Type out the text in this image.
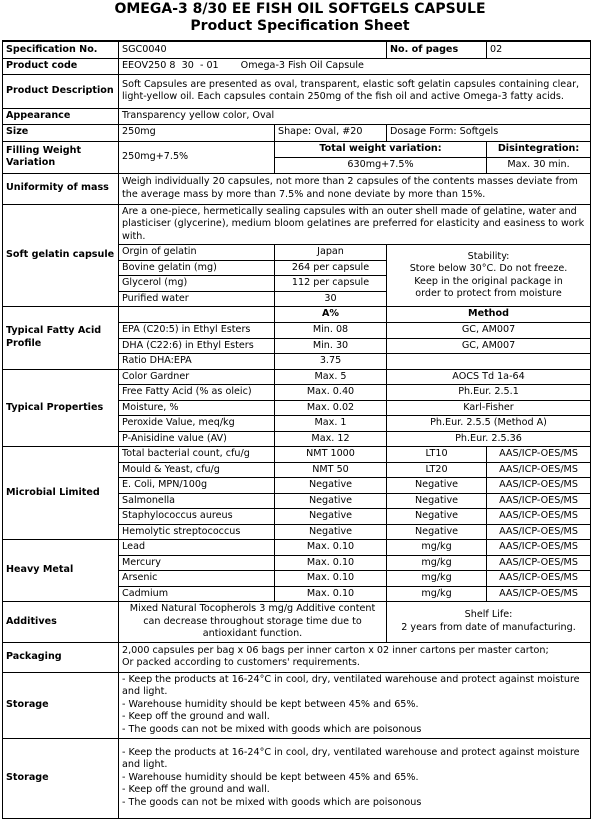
OMEGA-3 8/30 EE FISH OIL SOFTGELS CAPSULE
Product Specification Sheet
Specification No.	SGC0040		No. of pages	02
Product code	EEOV250 8  30  - 01 Omega-3 Fish Oil Capsule			
Product Description	Soft Capsules are presented as oval, transparent, elastic soft gelatin capsules containing clear, light-yellow oil. Each capsules contain 250mg of the fish oil and active Omega-3 fatty acids.			
Appearance	Transparency yellow color, Oval			
Size	250mg	Shape: Oval, #20	Dosage Form: Softgels	
Filling Weight Variation	250mg+7.5%	Total weight variation:		Disintegration:
		630mg+7.5%		Max. 30 min.
Uniformity of mass	Weigh individually 20 capsules, not more than 2 capsules of the contents masses deviate from the average mass by more than 7.5% and none deviate by more than 15%.			
Soft gelatin capsule	Are a one-piece, hermetically sealing capsules with an outer shell made of gelatine, water and plasticiser (glycerine), medium bloom gelatines are preferred for elasticity and easiness to work with.			
	Orgin of gelatin	Japan	Stability:
Store below 30°C. Do not freeze. Keep in the original package in order to protect from moisture	

	Bovine gelatin (mg)	264 per capsule		
	Glycerol (mg)	112 per capsule		
	Purified water	30		
Typical Fatty Acid Profile		A%	Method	
	EPA (C20:5) in Ethyl Esters	Min. 08	GC, AM007	
	DHA (C22:6) in Ethyl Esters	Min. 30	GC, AM007	
	Ratio DHA:EPA	3.75		
Typical Properties	Color Gardner	Max. 5	AOCS Td 1a-64	
	Free Fatty Acid (% as oleic)	Max. 0.40	Ph.Eur. 2.5.1	
	Moisture, %	Max. 0.02	Karl-Fisher	
	Peroxide Value, meq/kg	Max. 1	Ph.Eur. 2.5.5 (Method A)	
	P-Anisidine value (AV)	Max. 12	Ph.Eur. 2.5.36	
Microbial Limited	Total bacterial count, cfu/g	NMT 1000	LT10	AAS/ICP-OES/MS
	Mould & Yeast, cfu/g	NMT 50	LT20	AAS/ICP-OES/MS
	E. Coli, MPN/100g	Negative	Negative	AAS/ICP-OES/MS
	Salmonella	Negative	Negative	AAS/ICP-OES/MS
	Staphylococcus aureus	Negative	Negative	AAS/ICP-OES/MS
	Hemolytic streptococcus	Negative	Negative	AAS/ICP-OES/MS
Heavy Metal	Lead	Max. 0.10	mg/kg	AAS/ICP-OES/MS
	Mercury	Max. 0.10	mg/kg	AAS/ICP-OES/MS
	Arsenic	Max. 0.10	mg/kg	AAS/ICP-OES/MS
	Cadmium	Max. 0.10	mg/kg	AAS/ICP-OES/MS
Additives	Mixed Natural Tocopherols 3 mg/g Additive content can decrease throughout storage time due to antioxidant function.		Shelf Life:
2 years from date of manufacturing.	

Packaging	2,000 capsules per bag x 06 bags per inner carton x 02 inner cartons per master carton;
Or packed according to customers' requirements.			

Storage	- Keep the products at 16-24°C in cool, dry, ventilated warehouse and protect against moisture and light.
- Warehouse humidity should be kept between 45% and 65%.
- Keep off the ground and wall.
- The goods can not be mixed with goods which are poisonous			

Storage	- Keep the products at 16-24°C in cool, dry, ventilated warehouse and protect against moisture and light.
- Warehouse humidity should be kept between 45% and 65%.
- Keep off the ground and wall.
- The goods can not be mixed with goods which are poisonous			
